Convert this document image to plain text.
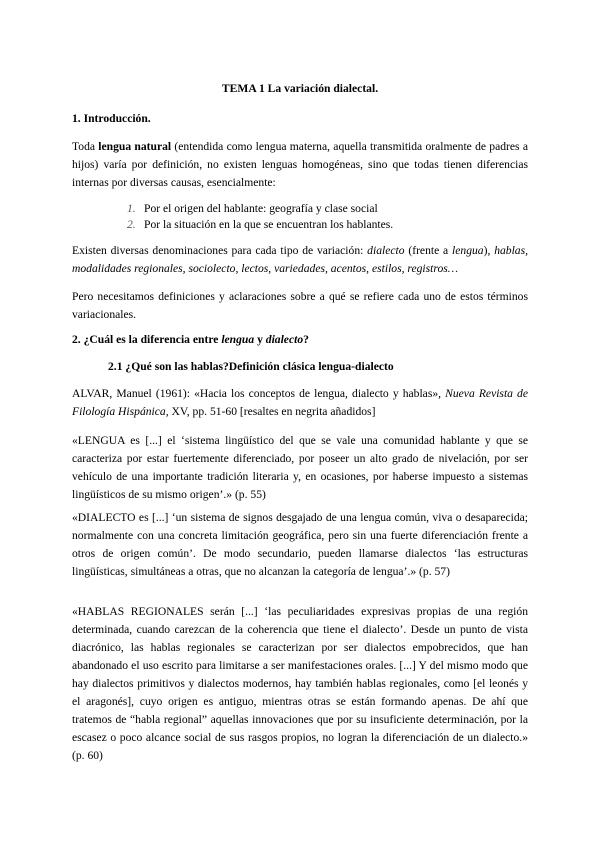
TEMA 1 La variación dialectal.

1. Introducción.

Toda lengua natural (entendida como lengua materna, aquella transmitida oralmente de padres a hijos) varía por definición, no existen lenguas homogéneas, sino que todas tienen diferencias internas por diversas causas, esencialmente:

1. Por el origen del hablante: geografía y clase social

2. Por la situación en la que se encuentran los hablantes.

Existen diversas denominaciones para cada tipo de variación: dialecto (frente a lengua), hablas, modalidades regionales, sociolecto, lectos, variedades, acentos, estilos, registros…

Pero necesitamos definiciones y aclaraciones sobre a qué se refiere cada uno de estos términos variacionales.

2. ¿Cuál es la diferencia entre lengua y dialecto?

2.1 ¿Qué son las hablas?Definición clásica lengua-dialecto

ALVAR, Manuel (1961): «Hacia los conceptos de lengua, dialecto y hablas», Nueva Revista de Filología Hispánica, XV, pp. 51-60 [resaltes en negrita añadidos]

«LENGUA es [...] el ‘sistema lingüístico del que se vale una comunidad hablante y que se caracteriza por estar fuertemente diferenciado, por poseer un alto grado de nivelación, por ser vehículo de una importante tradición literaria y, en ocasiones, por haberse impuesto a sistemas lingüísticos de su mismo origen’.» (p. 55)

«DIALECTO es [...] ‘un sistema de signos desgajado de una lengua común, viva o desaparecida; normalmente con una concreta limitación geográfica, pero sin una fuerte diferenciación frente a otros de origen común’. De modo secundario, pueden llamarse dialectos ‘las estructuras lingüísticas, simultáneas a otras, que no alcanzan la categoría de lengua’.» (p. 57)

«HABLAS REGIONALES serán [...] ‘las peculiaridades expresivas propias de una región determinada, cuando carezcan de la coherencia que tiene el dialecto’. Desde un punto de vista diacrónico, las hablas regionales se caracterizan por ser dialectos empobrecidos, que han abandonado el uso escrito para limitarse a ser manifestaciones orales. [...] Y del mismo modo que hay dialectos primitivos y dialectos modernos, hay también hablas regionales, como [el leonés y el aragonés], cuyo origen es antiguo, mientras otras se están formando apenas. De ahí que tratemos de “habla regional” aquellas innovaciones que por su insuficiente determinación, por la escasez o poco alcance social de sus rasgos propios, no logran la diferenciación de un dialecto.» (p. 60)
